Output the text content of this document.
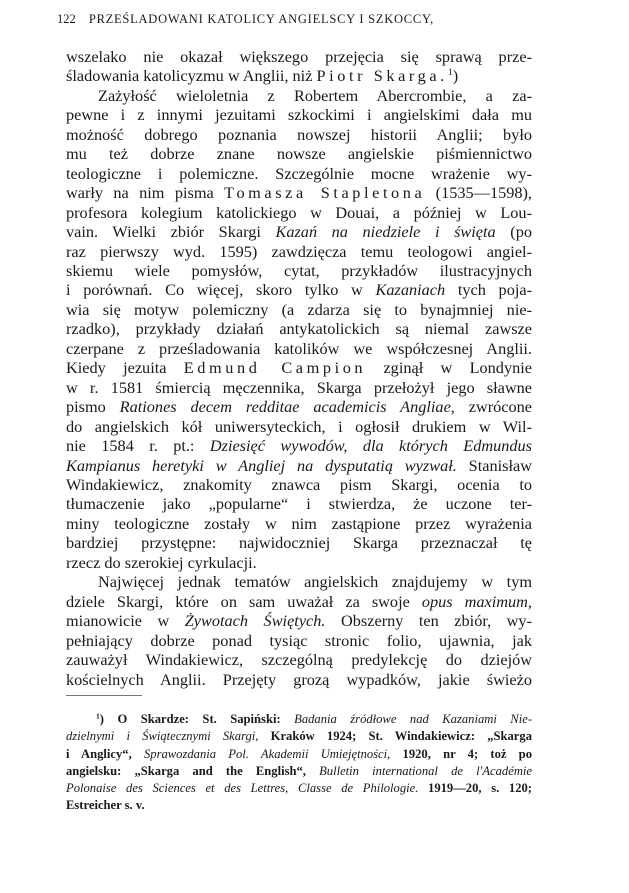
122 PRZEŚLADOWANI KATOLICY ANGIELSCY I SZKOCCY,
wszelako nie okazał większego przejęcia się sprawą prze-
śladowania katolicyzmu w Anglii, niż Piotr Skarga.$^1$)
Zażyłość wieloletnia z Robertem Abercrombie, a za-
pewne i z innymi jezuitami szkockimi i angielskimi dała mu
możność dobrego poznania nowszej historii Anglii; było
mu też dobrze znane nowsze angielskie piśmiennictwo
teologiczne i polemiczne. Szczególnie mocne wrażenie wy-
warły na nim pisma Tomasza Stapletona (1535—1598),
profesora kolegium katolickiego w Douai, a później w Lou-
vain. Wielki zbiór Skargi Kazań na niedziele i święta (po
raz pierwszy wyd. 1595) zawdzięcza temu teologowi angiel-
skiemu wiele pomysłów, cytat, przykładów ilustracyjnych
i porównań. Co więcej, skoro tylko w Kazaniach tych poja-
wia się motyw polemiczny (a zdarza się to bynajmniej nie-
rzadko), przykłady działań antykatolickich są niemal zawsze
czerpane z prześladowania katolików we współczesnej Anglii.
Kiedy jezuita Edmund Campion zginął w Londynie
w r. 1581 śmiercią męczennika, Skarga przełożył jego sławne
pismo Rationes decem redditae academicis Angliae, zwrócone
do angielskich kół uniwersyteckich, i ogłosił drukiem w Wil-
nie 1584 r. pt.: Dziesięć wywodów, dla których Edmundus
Kampianus heretyki w Angliej na dysputatią wyzwał. Stanisław
Windakiewicz, znakomity znawca pism Skargi, ocenia to
tłumaczenie jako „popularne“ i stwierdza, że uczone ter-
miny teologiczne zostały w nim zastąpione przez wyrażenia
bardziej przystępne: najwidoczniej Skarga przeznaczał tę
rzecz do szerokiej cyrkulacji.
Najwięcej jednak tematów angielskich znajdujemy w tym
dziele Skargi, które on sam uważał za swoje opus maximum,
mianowicie w Żywotach Świętych. Obszerny ten zbiór, wy-
pełniający dobrze ponad tysiąc stronic folio, ujawnia, jak
zauważył Windakiewicz, szczególną predylekcję do dziejów
kościelnych Anglii. Przejęty grozą wypadków, jakie świeżo
$^1$) O Skardze: St. Sapiński: Badania źródłowe nad Kazaniami Nie-
dzielnymi i Świątecznymi Skargi, Kraków 1924; St. Windakiewicz: „Skarga
i Anglicy“, Sprawozdania Pol. Akademii Umiejętności, 1920, nr 4; toż po
angielsku: „Skarga and the English“, Bulletin international de l'Académie
Polonaise des Sciences et des Lettres, Classe de Philologie. 1919—20, s. 120;
Estreicher s. v.
